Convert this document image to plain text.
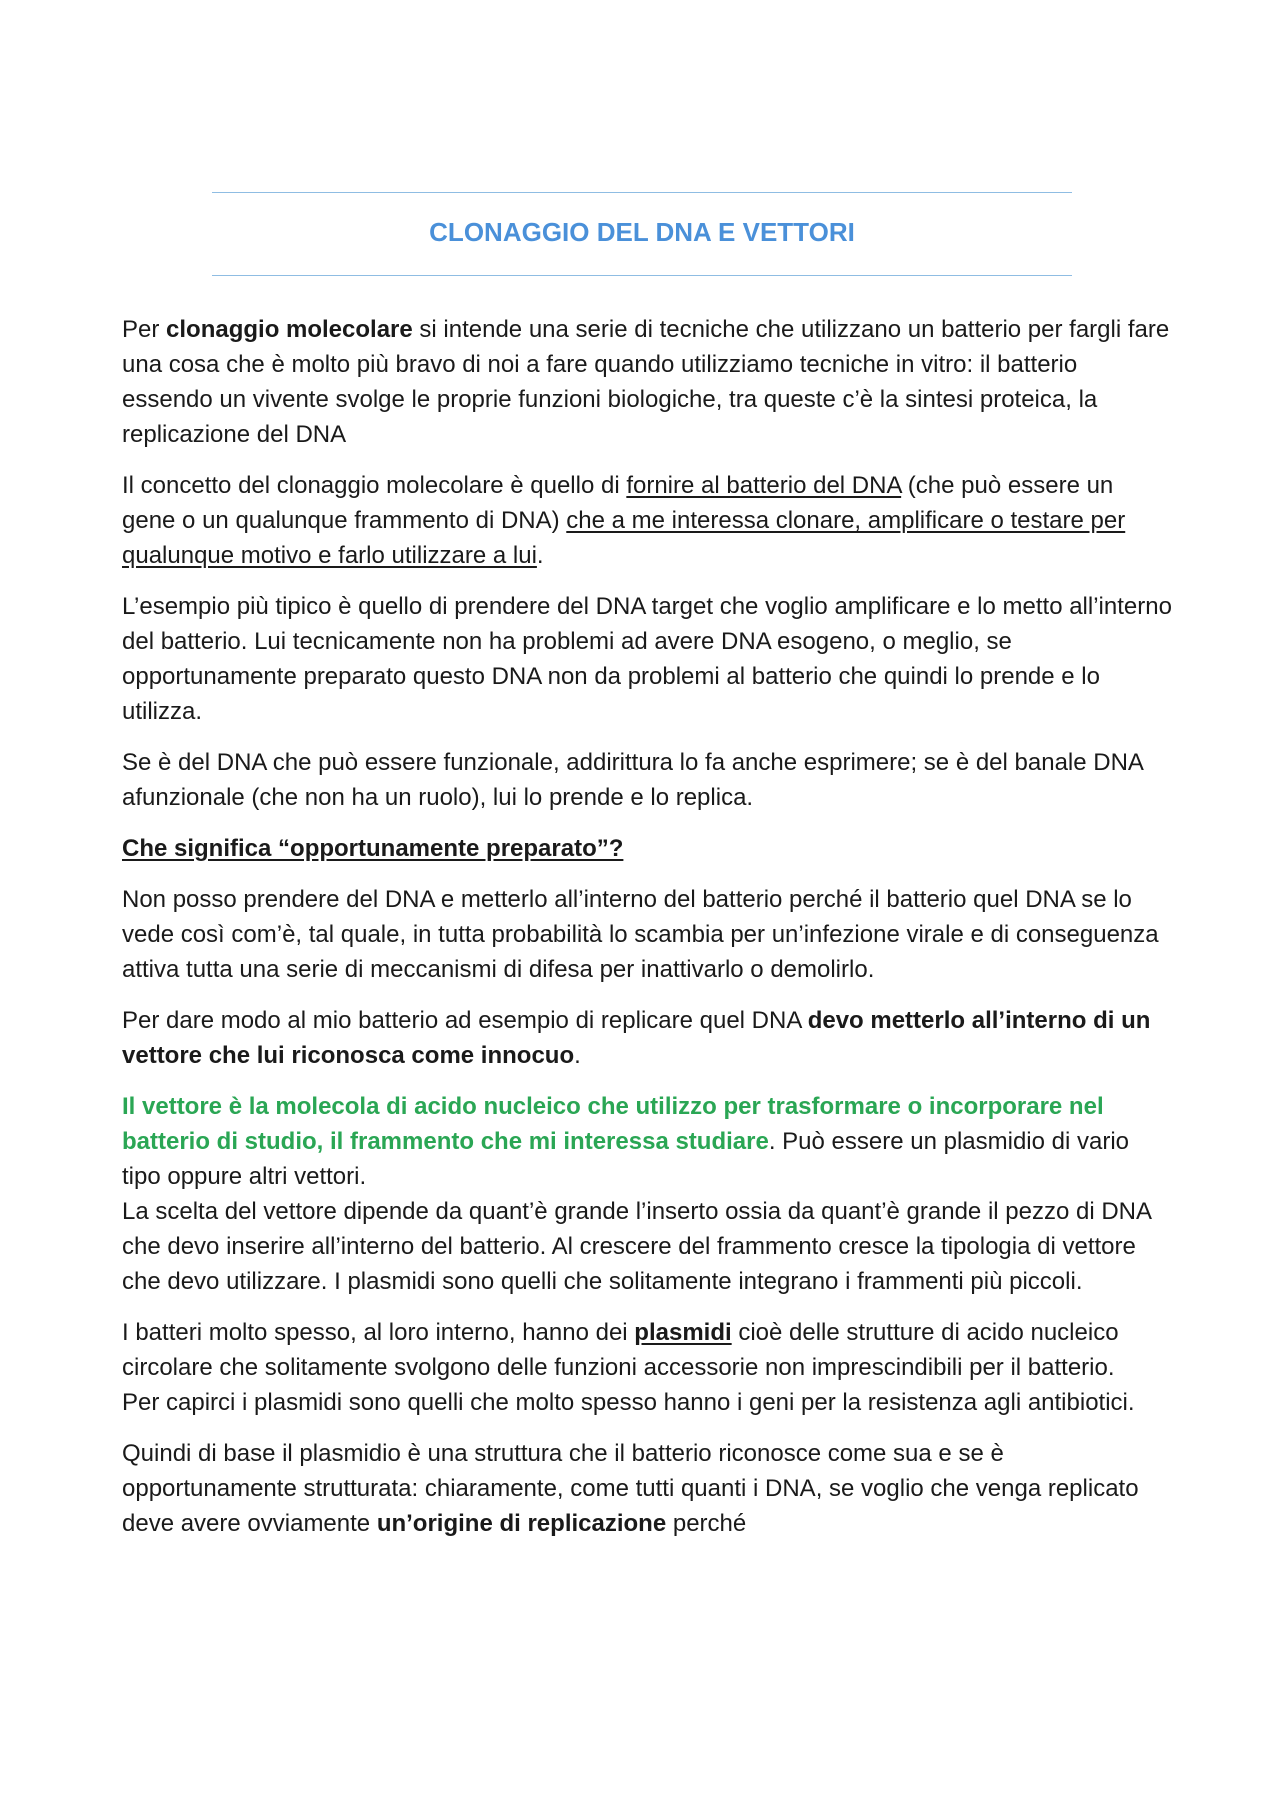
CLONAGGIO DEL DNA E VETTORI

Per clonaggio molecolare si intende una serie di tecniche che utilizzano un batterio per fargli fare una cosa che è molto più bravo di noi a fare quando utilizziamo tecniche in vitro: il batterio essendo un vivente svolge le proprie funzioni biologiche, tra queste c’è la sintesi proteica, la replicazione del DNA

Il concetto del clonaggio molecolare è quello di fornire al batterio del DNA (che può essere un gene o un qualunque frammento di DNA) che a me interessa clonare, amplificare o testare per qualunque motivo e farlo utilizzare a lui.

L’esempio più tipico è quello di prendere del DNA target che voglio amplificare e lo metto all’interno del batterio. Lui tecnicamente non ha problemi ad avere DNA esogeno, o meglio, se opportunamente preparato questo DNA non da problemi al batterio che quindi lo prende e lo utilizza.

Se è del DNA che può essere funzionale, addirittura lo fa anche esprimere; se è del banale DNA afunzionale (che non ha un ruolo), lui lo prende e lo replica.

Che significa “opportunamente preparato”?

Non posso prendere del DNA e metterlo all’interno del batterio perché il batterio quel DNA se lo vede così com’è, tal quale, in tutta probabilità lo scambia per un’infezione virale e di conseguenza attiva tutta una serie di meccanismi di difesa per inattivarlo o demolirlo.

Per dare modo al mio batterio ad esempio di replicare quel DNA devo metterlo all’interno di un vettore che lui riconosca come innocuo.

Il vettore è la molecola di acido nucleico che utilizzo per trasformare o incorporare nel batterio di studio, il frammento che mi interessa studiare. Può essere un plasmidio di vario tipo oppure altri vettori.

La scelta del vettore dipende da quant’è grande l’inserto ossia da quant’è grande il pezzo di DNA che devo inserire all’interno del batterio. Al crescere del frammento cresce la tipologia di vettore che devo utilizzare. I plasmidi sono quelli che solitamente integrano i frammenti più piccoli.

I batteri molto spesso, al loro interno, hanno dei plasmidi cioè delle strutture di acido nucleico circolare che solitamente svolgono delle funzioni accessorie non imprescindibili per il batterio.

Per capirci i plasmidi sono quelli che molto spesso hanno i geni per la resistenza agli antibiotici.

Quindi di base il plasmidio è una struttura che il batterio riconosce come sua e se è opportunamente strutturata: chiaramente, come tutti quanti i DNA, se voglio che venga replicato deve avere ovviamente un’origine di replicazione perché
